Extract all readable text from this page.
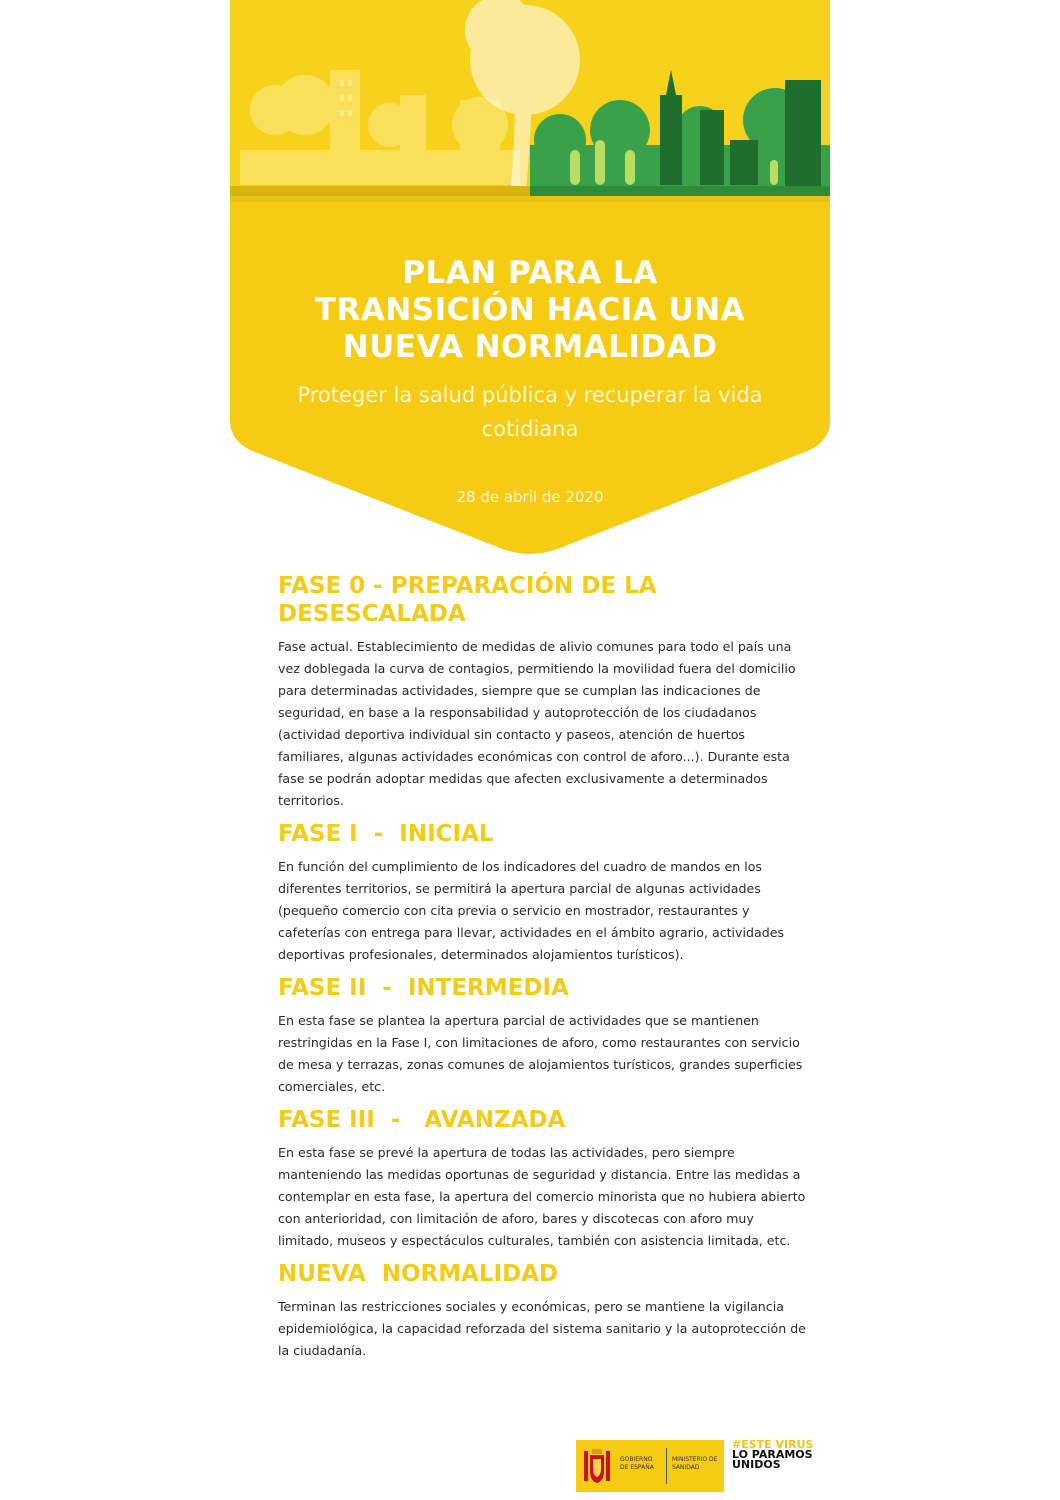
PLAN PARA LA
TRANSICIÓN HACIA UNA
NUEVA NORMALIDAD

Proteger la salud pública y recuperar la vida cotidiana

28 de abril de 2020
FASE 0 - PREPARACIÓN DE LA DESESCALADA

Fase actual. Establecimiento de medidas de alivio comunes para todo el país una vez doblegada la curva de contagios, permitiendo la movilidad fuera del domicilio para determinadas actividades, siempre que se cumplan las indicaciones de seguridad, en base a la responsabilidad y autoprotección de los ciudadanos (actividad deportiva individual sin contacto y paseos, atención de huertos familiares, algunas actividades económicas con control de aforo...). Durante esta fase se podrán adoptar medidas que afecten exclusivamente a determinados territorios.

FASE I  -  INICIAL

En función del cumplimiento de los indicadores del cuadro de mandos en los diferentes territorios, se permitirá la apertura parcial de algunas actividades (pequeño comercio con cita previa o servicio en mostrador, restaurantes y cafeterías con entrega para llevar, actividades en el ámbito agrario, actividades deportivas profesionales, determinados alojamientos turísticos).

FASE II  -  INTERMEDIA

En esta fase se plantea la apertura parcial de actividades que se mantienen restringidas en la Fase I, con limitaciones de aforo, como restaurantes con servicio de mesa y terrazas, zonas comunes de alojamientos turísticos, grandes superficies comerciales, etc.

FASE III  -   AVANZADA

En esta fase se prevé la apertura de todas las actividades, pero siempre manteniendo las medidas oportunas de seguridad y distancia. Entre las medidas a contemplar en esta fase, la apertura del comercio minorista que no hubiera abierto con anterioridad, con limitación de aforo, bares y discotecas con aforo muy limitado, museos y espectáculos culturales, también con asistencia limitada, etc.

NUEVA  NORMALIDAD

Terminan las restricciones sociales y económicas, pero se mantiene la vigilancia epidemiológica, la capacidad reforzada del sistema sanitario y la autoprotección de la ciudadanía.

GOBIERNO DE ESPAÑA
MINISTERIO DE SANIDAD
#ESTE VIRUS
LO PARAMOS UNIDOS
